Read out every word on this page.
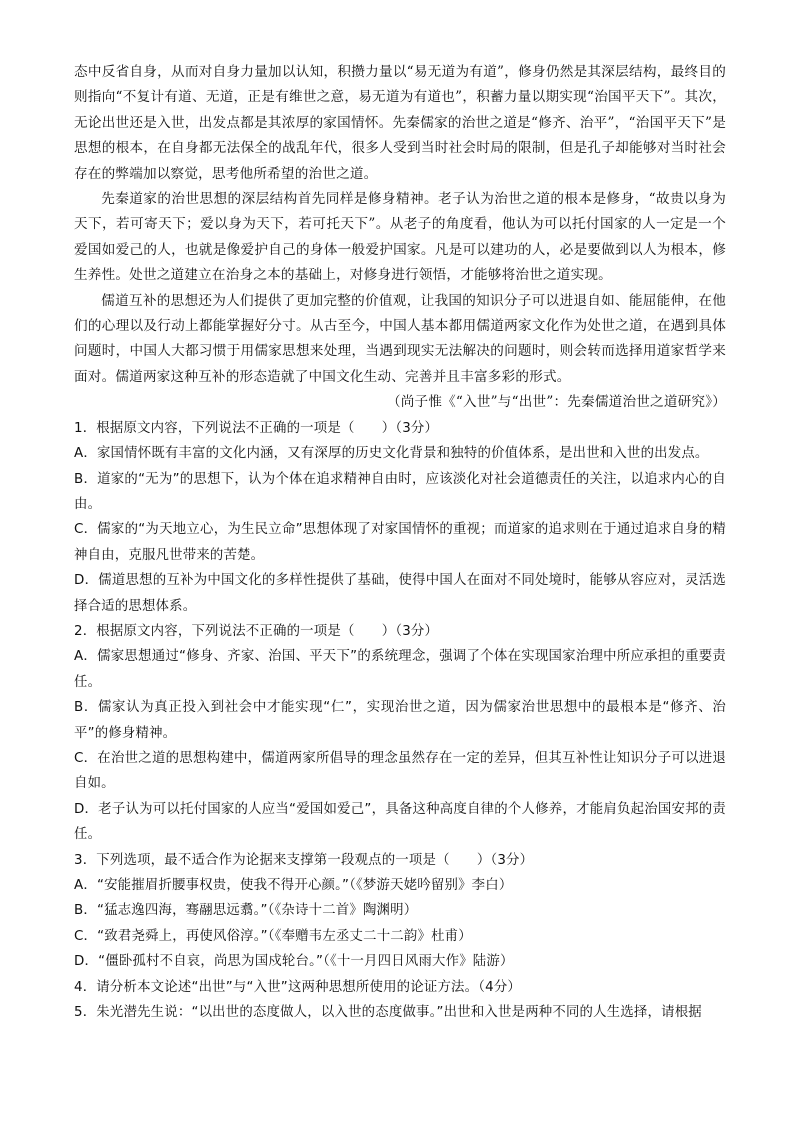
态中反省自身，从而对自身力量加以认知，积攒力量以“易无道为有道”，修身仍然是其深层结构，最终目的则指向“不复计有道、无道，正是有维世之意，易无道为有道也”，积蓄力量以期实现“治国平天下”。其次，无论出世还是入世，出发点都是其浓厚的家国情怀。先秦儒家的治世之道是“修齐、治平”，“治国平天下”是思想的根本，在自身都无法保全的战乱年代，很多人受到当时社会时局的限制，但是孔子却能够对当时社会存在的弊端加以察觉，思考他所希望的治世之道。

先秦道家的治世思想的深层结构首先同样是修身精神。老子认为治世之道的根本是修身，“故贵以身为天下，若可寄天下；爱以身为天下，若可托天下”。从老子的角度看，他认为可以托付国家的人一定是一个爱国如爱己的人，也就是像爱护自己的身体一般爱护国家。凡是可以建功的人，必是要做到以人为根本，修生养性。处世之道建立在治身之本的基础上，对修身进行领悟，才能够将治世之道实现。

儒道互补的思想还为人们提供了更加完整的价值观，让我国的知识分子可以进退自如、能屈能伸，在他们的心理以及行动上都能掌握好分寸。从古至今，中国人基本都用儒道两家文化作为处世之道，在遇到具体问题时，中国人大都习惯于用儒家思想来处理，当遇到现实无法解决的问题时，则会转而选择用道家哲学来面对。儒道两家这种互补的形态造就了中国文化生动、完善并且丰富多彩的形式。

（尚子惟《“入世”与“出世”：先秦儒道治世之道研究》）

1．根据原文内容，下列说法不正确的一项是（　　）（3分）

A．家国情怀既有丰富的文化内涵，又有深厚的历史文化背景和独特的价值体系，是出世和入世的出发点。

B．道家的“无为”的思想下，认为个体在追求精神自由时，应该淡化对社会道德责任的关注，以追求内心的自由。

C．儒家的“为天地立心，为生民立命”思想体现了对家国情怀的重视；而道家的追求则在于通过追求自身的精神自由，克服凡世带来的苦楚。

D．儒道思想的互补为中国文化的多样性提供了基础，使得中国人在面对不同处境时，能够从容应对，灵活选择合适的思想体系。

2．根据原文内容，下列说法不正确的一项是（　　）（3分）

A．儒家思想通过“修身、齐家、治国、平天下”的系统理念，强调了个体在实现国家治理中所应承担的重要责任。

B．儒家认为真正投入到社会中才能实现“仁”，实现治世之道，因为儒家治世思想中的最根本是“修齐、治平”的修身精神。

C．在治世之道的思想构建中，儒道两家所倡导的理念虽然存在一定的差异，但其互补性让知识分子可以进退自如。

D．老子认为可以托付国家的人应当“爱国如爱己”，具备这种高度自律的个人修养，才能肩负起治国安邦的责任。

3．下列选项，最不适合作为论据来支撑第一段观点的一项是（　　）（3分）

A．“安能摧眉折腰事权贵，使我不得开心颜。”（《梦游天姥吟留别》李白）

B．“猛志逸四海，骞翮思远翥。”（《杂诗十二首》陶渊明）

C．“致君尧舜上，再使风俗淳。”（《奉赠韦左丞丈二十二韵》杜甫）

D．“僵卧孤村不自哀，尚思为国戍轮台。”（《十一月四日风雨大作》陆游）

4．请分析本文论述“出世”与“入世”这两种思想所使用的论证方法。（4分）

5．朱光潜先生说：“以出世的态度做人，以入世的态度做事。”出世和入世是两种不同的人生选择，请根据
